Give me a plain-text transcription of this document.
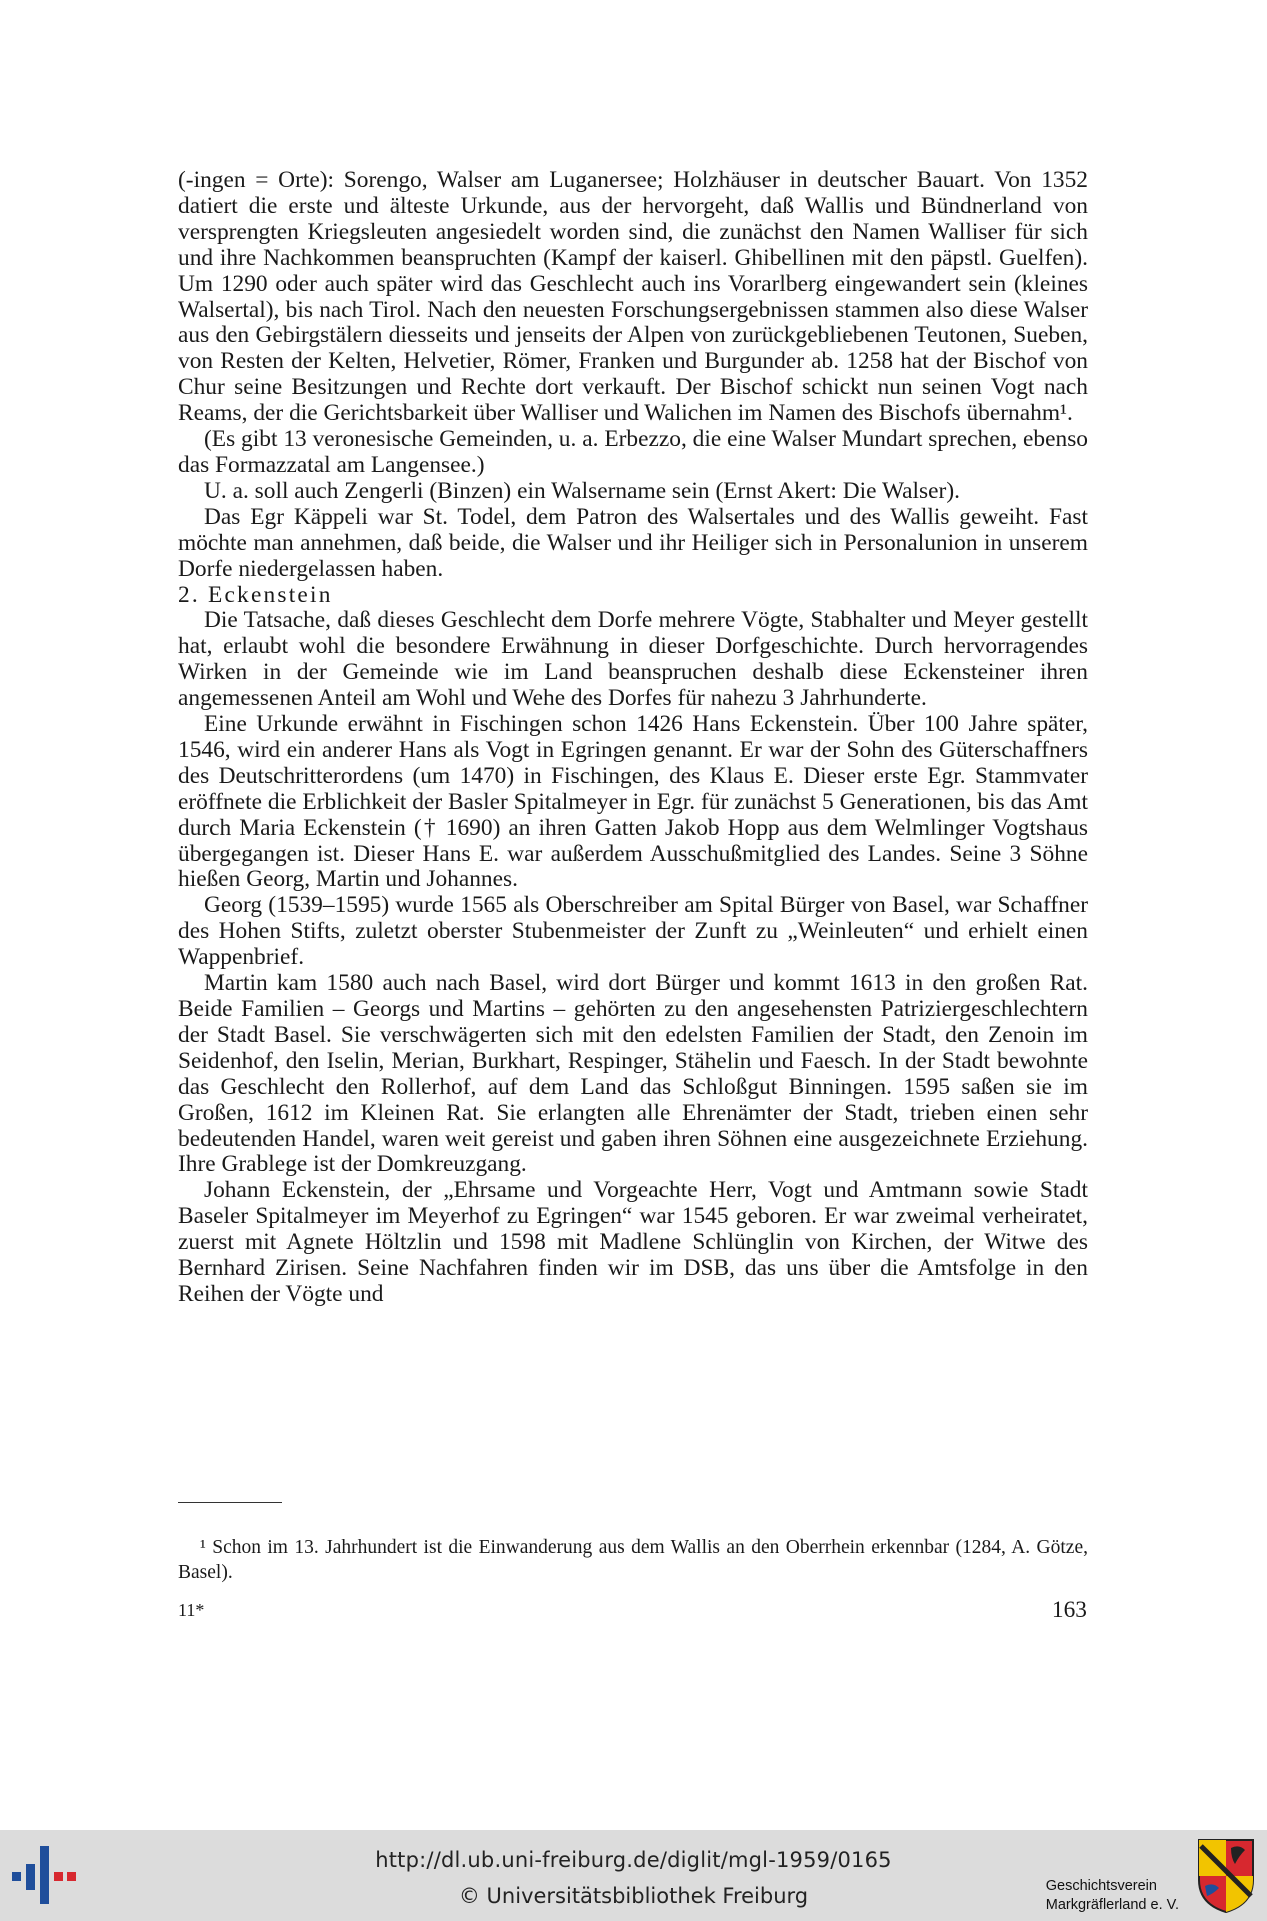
(-ingen = Orte): Sorengo, Walser am Luganersee; Holzhäuser in deutscher Bauart. Von 1352 datiert die erste und älteste Urkunde, aus der hervorgeht, daß Wallis und Bündnerland von versprengten Kriegsleuten angesiedelt worden sind, die zunächst den Namen Walliser für sich und ihre Nachkommen beanspruchten (Kampf der kaiserl. Ghibellinen mit den päpstl. Guelfen). Um 1290 oder auch später wird das Geschlecht auch ins Vorarlberg eingewandert sein (kleines Walsertal), bis nach Tirol. Nach den neuesten Forschungsergebnissen stammen also diese Walser aus den Gebirgstälern diesseits und jenseits der Alpen von zurückgebliebenen Teutonen, Sueben, von Resten der Kelten, Helvetier, Römer, Franken und Burgunder ab. 1258 hat der Bischof von Chur seine Besitzungen und Rechte dort verkauft. Der Bischof schickt nun seinen Vogt nach Reams, der die Gerichtsbarkeit über Walliser und Walichen im Namen des Bischofs übernahm¹.

(Es gibt 13 veronesische Gemeinden, u. a. Erbezzo, die eine Walser Mundart sprechen, ebenso das Formazzatal am Langensee.)

U. a. soll auch Zengerli (Binzen) ein Walsername sein (Ernst Akert: Die Walser).

Das Egr Käppeli war St. Todel, dem Patron des Walsertales und des Wallis geweiht. Fast möchte man annehmen, daß beide, die Walser und ihr Heiliger sich in Personalunion in unserem Dorfe niedergelassen haben.

2. Eckenstein

Die Tatsache, daß dieses Geschlecht dem Dorfe mehrere Vögte, Stabhalter und Meyer gestellt hat, erlaubt wohl die besondere Erwähnung in dieser Dorfgeschichte. Durch hervorragendes Wirken in der Gemeinde wie im Land beanspruchen deshalb diese Eckensteiner ihren angemessenen Anteil am Wohl und Wehe des Dorfes für nahezu 3 Jahrhunderte.

Eine Urkunde erwähnt in Fischingen schon 1426 Hans Eckenstein. Über 100 Jahre später, 1546, wird ein anderer Hans als Vogt in Egringen genannt. Er war der Sohn des Güterschaffners des Deutschritterordens (um 1470) in Fischingen, des Klaus E. Dieser erste Egr. Stammvater eröffnete die Erblichkeit der Basler Spitalmeyer in Egr. für zunächst 5 Generationen, bis das Amt durch Maria Eckenstein († 1690) an ihren Gatten Jakob Hopp aus dem Welmlinger Vogtshaus übergegangen ist. Dieser Hans E. war außerdem Ausschußmitglied des Landes. Seine 3 Söhne hießen Georg, Martin und Johannes.

Georg (1539–1595) wurde 1565 als Oberschreiber am Spital Bürger von Basel, war Schaffner des Hohen Stifts, zuletzt oberster Stubenmeister der Zunft zu „Weinleuten“ und erhielt einen Wappenbrief.

Martin kam 1580 auch nach Basel, wird dort Bürger und kommt 1613 in den großen Rat. Beide Familien – Georgs und Martins – gehörten zu den angesehensten Patriziergeschlechtern der Stadt Basel. Sie verschwägerten sich mit den edelsten Familien der Stadt, den Zenoin im Seidenhof, den Iselin, Merian, Burkhart, Respinger, Stähelin und Faesch. In der Stadt bewohnte das Geschlecht den Rollerhof, auf dem Land das Schloßgut Binningen. 1595 saßen sie im Großen, 1612 im Kleinen Rat. Sie erlangten alle Ehrenämter der Stadt, trieben einen sehr bedeutenden Handel, waren weit gereist und gaben ihren Söhnen eine ausgezeichnete Erziehung. Ihre Grablege ist der Domkreuzgang.

Johann Eckenstein, der „Ehrsame und Vorgeachte Herr, Vogt und Amtmann sowie Stadt Baseler Spitalmeyer im Meyerhof zu Egringen“ war 1545 geboren. Er war zweimal verheiratet, zuerst mit Agnete Höltzlin und 1598 mit Madlene Schlünglin von Kirchen, der Witwe des Bernhard Zirisen. Seine Nachfahren finden wir im DSB, das uns über die Amtsfolge in den Reihen der Vögte und

¹ Schon im 13. Jahrhundert ist die Einwanderung aus dem Wallis an den Oberrhein erkennbar (1284, A. Götze, Basel).

11*	163
http://dl.ub.uni-freiburg.de/diglit/mgl-1959/0165
© Universitätsbibliothek Freiburg	Geschichtsverein
Markgräflerland e. V.
